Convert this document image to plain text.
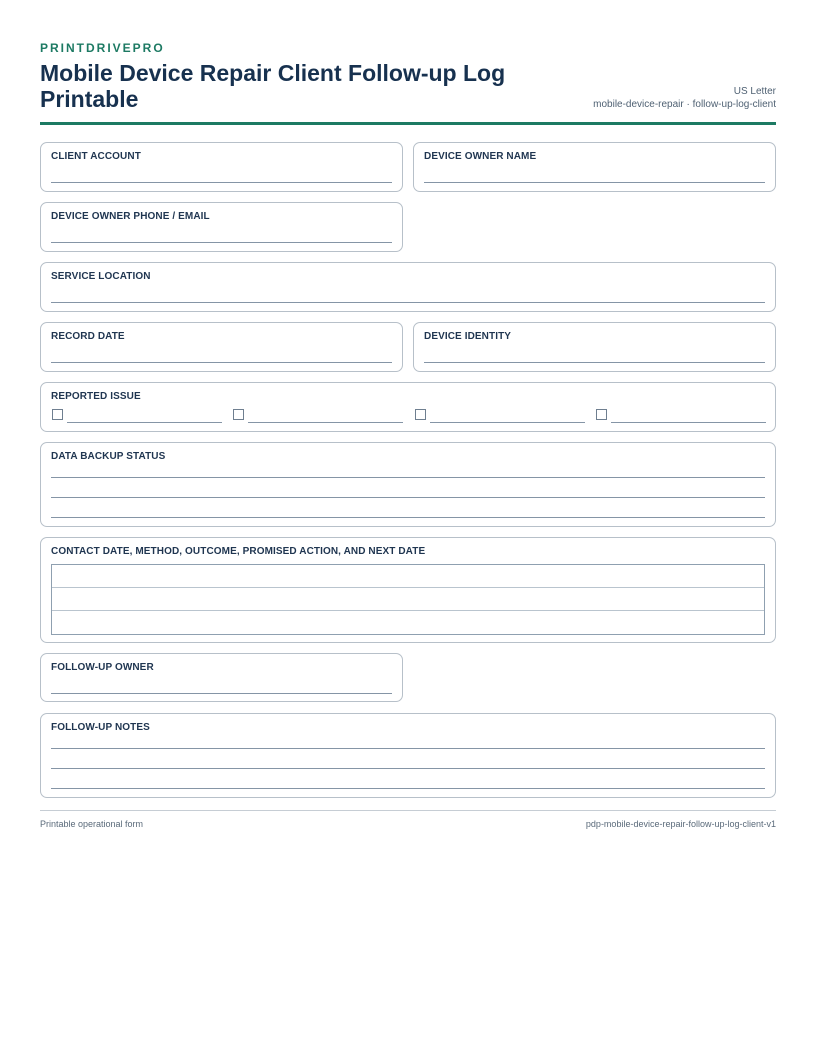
PRINTDRIVEPRO
Mobile Device Repair Client Follow-up Log Printable	US Letter
mobile-device-repair · follow-up-log-client
CLIENT ACCOUNT	DEVICE OWNER NAME
DEVICE OWNER PHONE / EMAIL
SERVICE LOCATION
RECORD DATE	DEVICE IDENTITY
REPORTED ISSUE
DATA BACKUP STATUS
CONTACT DATE, METHOD, OUTCOME, PROMISED ACTION, AND NEXT DATE
FOLLOW-UP OWNER
FOLLOW-UP NOTES
Printable operational form	pdp-mobile-device-repair-follow-up-log-client-v1
